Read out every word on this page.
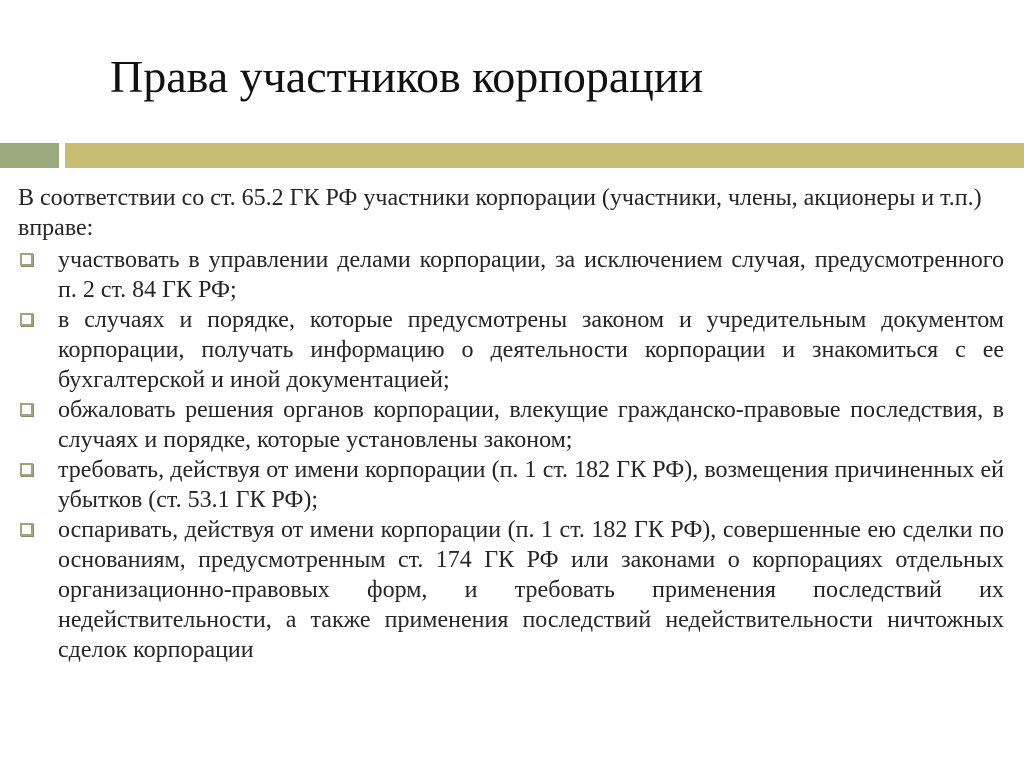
Права участников корпорации

В соответствии со ст. 65.2 ГК РФ участники корпорации (участники, члены, акционеры и т.п.) вправе:

участвовать в управлении делами корпорации, за исключением случая, предусмотренного п. 2 ст. 84 ГК РФ;
в случаях и порядке, которые предусмотрены законом и учредительным документом корпорации, получать информацию о деятельности корпорации и знакомиться с ее бухгалтерской и иной документацией;
обжаловать решения органов корпорации, влекущие гражданско-правовые последствия, в случаях и порядке, которые установлены законом;
требовать, действуя от имени корпорации (п. 1 ст. 182 ГК РФ), возмещения причиненных ей убытков (ст. 53.1 ГК РФ);
оспаривать, действуя от имени корпорации (п. 1 ст. 182 ГК РФ), совершенные ею сделки по основаниям, предусмотренным ст. 174 ГК РФ или законами о корпорациях отдельных организационно-правовых форм, и требовать применения последствий их недействительности, а также применения последствий недействительности ничтожных сделок корпорации
